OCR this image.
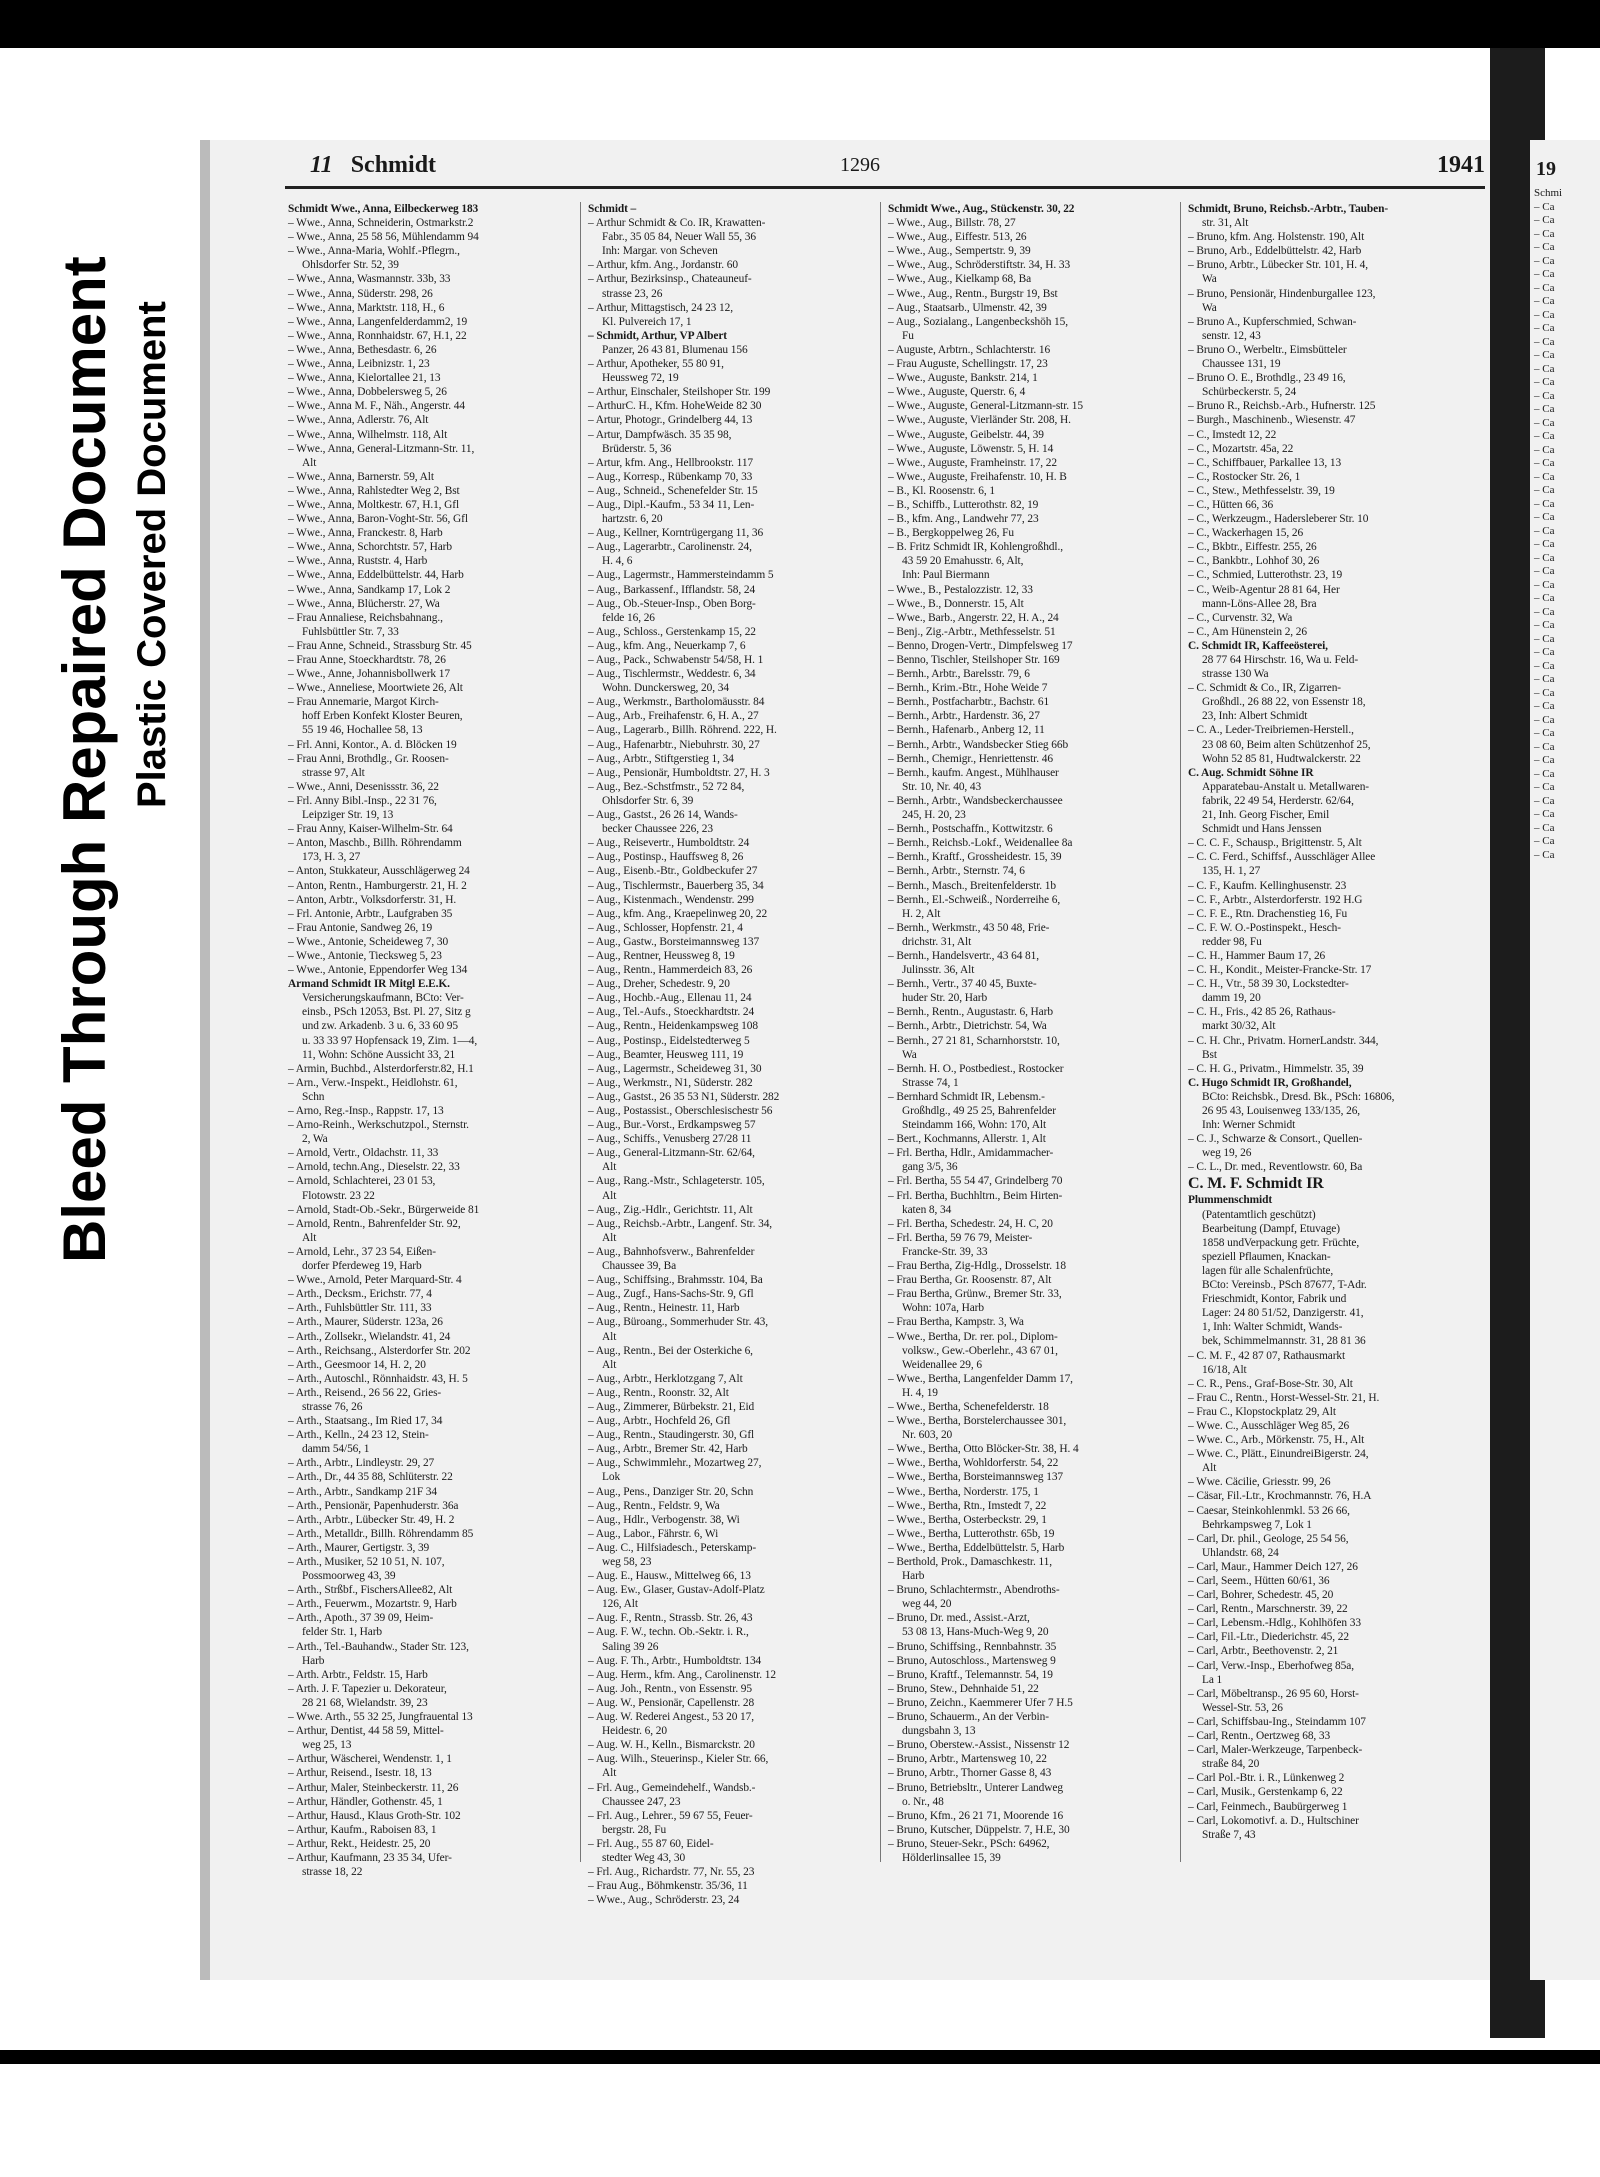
Bleed Through Repaired Document Plastic Covered Document
19
Schmi
– Ca
– Ca
– Ca
– Ca
– Ca
– Ca
– Ca
– Ca
– Ca
– Ca
– Ca
– Ca
– Ca
– Ca
– Ca
– Ca
– Ca
– Ca
– Ca
– Ca
– Ca
– Ca
– Ca
– Ca
– Ca
– Ca
– Ca
– Ca
– Ca
– Ca
– Ca
– Ca
– Ca
– Ca
– Ca
– Ca
– Ca
– Ca
– Ca
– Ca
– Ca
– Ca
– Ca
– Ca
– Ca
– Ca
– Ca
– Ca
– Ca
11 Schmidt	1296	1941
Schmidt Wwe., Anna, Eilbeckerweg 183
– Wwe., Anna, Schneiderin, Ostmarkstr.2
– Wwe., Anna, 25 58 56, Mühlendamm 94
– Wwe., Anna-Maria, Wohlf.-Pflegrn.,
Ohlsdorfer Str. 52, 39
– Wwe., Anna, Wasmannstr. 33b, 33
– Wwe., Anna, Süderstr. 298, 26
– Wwe., Anna, Marktstr. 118, H., 6
– Wwe., Anna, Langenfelderdamm2, 19
– Wwe., Anna, Ronnhaidstr. 67, H.1, 22
– Wwe., Anna, Bethesdastr. 6, 26
– Wwe., Anna, Leibnizstr. 1, 23
– Wwe., Anna, Kielortallee 21, 13
– Wwe., Anna, Dobbelersweg 5, 26
– Wwe., Anna M. F., Näh., Angerstr. 44
– Wwe., Anna, Adlerstr. 76, Alt
– Wwe., Anna, Wilhelmstr. 118, Alt
– Wwe., Anna, General-Litzmann-Str. 11,
Alt
– Wwe., Anna, Barnerstr. 59, Alt
– Wwe., Anna, Rahlstedter Weg 2, Bst
– Wwe., Anna, Moltkestr. 67, H.1, Gfl
– Wwe., Anna, Baron-Voght-Str. 56, Gfl
– Wwe., Anna, Franckestr. 8, Harb
– Wwe., Anna, Schorchtstr. 57, Harb
– Wwe., Anna, Ruststr. 4, Harb
– Wwe., Anna, Eddelbüttelstr. 44, Harb
– Wwe., Anna, Sandkamp 17, Lok 2
– Wwe., Anna, Blücherstr. 27, Wa
– Frau Annaliese, Reichsbahnang.,
Fuhlsbüttler Str. 7, 33
– Frau Anne, Schneid., Strassburg Str. 45
– Frau Anne, Stoeckhardtstr. 78, 26
– Wwe., Anne, Johannisbollwerk 17
– Wwe., Anneliese, Moortwiete 26, Alt
– Frau Annemarie, Margot Kirch-
hoff Erben Konfekt Kloster Beuren,
55 19 46, Hochallee 58, 13
– Frl. Anni, Kontor., A. d. Blöcken 19
– Frau Anni, Brothdlg., Gr. Roosen-
strasse 97, Alt
– Wwe., Anni, Desenissstr. 36, 22
– Frl. Anny Bibl.-Insp., 22 31 76,
Leipziger Str. 19, 13
– Frau Anny, Kaiser-Wilhelm-Str. 64
– Anton, Maschb., Billh. Röhrendamm
173, H. 3, 27
– Anton, Stukkateur, Ausschlägerweg 24
– Anton, Rentn., Hamburgerstr. 21, H. 2
– Anton, Arbtr., Volksdorferstr. 31, H.
– Frl. Antonie, Arbtr., Laufgraben 35
– Frau Antonie, Sandweg 26, 19
– Wwe., Antonie, Scheideweg 7, 30
– Wwe., Antonie, Tiecksweg 5, 23
– Wwe., Antonie, Eppendorfer Weg 134
Armand Schmidt IR Mitgl E.E.K.
Versicherungskaufmann, BCto: Ver-
einsb., PSch 12053, Bst. Pl. 27, Sitz g
und zw. Arkadenb. 3 u. 6, 33 60 95
u. 33 33 97 Hopfensack 19, Zim. 1—4,
11, Wohn: Schöne Aussicht 33, 21
– Armin, Buchbd., Alsterdorferstr.82, H.1
– Arn., Verw.-Inspekt., Heidlohstr. 61,
Schn
– Arno, Reg.-Insp., Rappstr. 17, 13
– Arno-Reinh., Werkschutzpol., Sternstr.
2, Wa
– Arnold, Vertr., Oldachstr. 11, 33
– Arnold, techn.Ang., Dieselstr. 22, 33
– Arnold, Schlachterei, 23 01 53,
Flotowstr. 23 22
– Arnold, Stadt-Ob.-Sekr., Bürgerweide 81
– Arnold, Rentn., Bahrenfelder Str. 92,
Alt
– Arnold, Lehr., 37 23 54, Eißen-
dorfer Pferdeweg 19, Harb
– Wwe., Arnold, Peter Marquard-Str. 4
– Arth., Decksm., Erichstr. 77, 4
– Arth., Fuhlsbüttler Str. 111, 33
– Arth., Maurer, Süderstr. 123a, 26
– Arth., Zollsekr., Wielandstr. 41, 24
– Arth., Reichsang., Alsterdorfer Str. 202
– Arth., Geesmoor 14, H. 2, 20
– Arth., Autoschl., Rönnhaidstr. 43, H. 5
– Arth., Reisend., 26 56 22, Gries-
strasse 76, 26
– Arth., Staatsang., Im Ried 17, 34
– Arth., Kelln., 24 23 12, Stein-
damm 54/56, 1
– Arth., Arbtr., Lindleystr. 29, 27
– Arth., Dr., 44 35 88, Schlüterstr. 22
– Arth., Arbtr., Sandkamp 21F 34
– Arth., Pensionär, Papenhuderstr. 36a
– Arth., Arbtr., Lübecker Str. 49, H. 2
– Arth., Metalldr., Billh. Röhrendamm 85
– Arth., Maurer, Gertigstr. 3, 39
– Arth., Musiker, 52 10 51, N. 107,
Possmoorweg 43, 39
– Arth., Strßbf., FischersAllee82, Alt
– Arth., Feuerwm., Mozartstr. 9, Harb
– Arth., Apoth., 37 39 09, Heim-
felder Str. 1, Harb
– Arth., Tel.-Bauhandw., Stader Str. 123,
Harb
– Arth. Arbtr., Feldstr. 15, Harb
– Arth. J. F. Tapezier u. Dekorateur,
28 21 68, Wielandstr. 39, 23
– Wwe. Arth., 55 32 25, Jungfrauental 13
– Arthur, Dentist, 44 58 59, Mittel-
weg 25, 13
– Arthur, Wäscherei, Wendenstr. 1, 1
– Arthur, Reisend., Isestr. 18, 13
– Arthur, Maler, Steinbeckerstr. 11, 26
– Arthur, Händler, Gothenstr. 45, 1
– Arthur, Hausd., Klaus Groth-Str. 102
– Arthur, Kaufm., Raboisen 83, 1
– Arthur, Rekt., Heidestr. 25, 20
– Arthur, Kaufmann, 23 35 34, Ufer-
strasse 18, 22
Schmidt –
– Arthur Schmidt & Co. IR, Krawatten-
Fabr., 35 05 84, Neuer Wall 55, 36
Inh: Margar. von Scheven
– Arthur, kfm. Ang., Jordanstr. 60
– Arthur, Bezirksinsp., Chateauneuf-
strasse 23, 26
– Arthur, Mittagstisch, 24 23 12,
Kl. Pulvereich 17, 1
– Schmidt, Arthur, VP Albert
Panzer, 26 43 81, Blumenau 156
– Arthur, Apotheker, 55 80 91,
Heussweg 72, 19
– Arthur, Einschaler, Steilshoper Str. 199
– ArthurC. H., Kfm. HoheWeide 82 30
– Artur, Photogr., Grindelberg 44, 13
– Artur, Dampfwäsch. 35 35 98,
Brüderstr. 5, 36
– Artur, kfm. Ang., Hellbrookstr. 117
– Aug., Korresp., Rübenkamp 70, 33
– Aug., Schneid., Schenefelder Str. 15
– Aug., Dipl.-Kaufm., 53 34 11, Len-
hartzstr. 6, 20
– Aug., Kellner, Korntrügergang 11, 36
– Aug., Lagerarbtr., Carolinenstr. 24,
H. 4, 6
– Aug., Lagermstr., Hammersteindamm 5
– Aug., Barkassenf., Ifflandstr. 58, 24
– Aug., Ob.-Steuer-Insp., Oben Borg-
felde 16, 26
– Aug., Schloss., Gerstenkamp 15, 22
– Aug., kfm. Ang., Neuerkamp 7, 6
– Aug., Pack., Schwabenstr 54/58, H. 1
– Aug., Tischlermstr., Weddestr. 6, 34
Wohn. Dunckersweg, 20, 34
– Aug., Werkmstr., Bartholomäusstr. 84
– Aug., Arb., Freihafenstr. 6, H. A., 27
– Aug., Lagerarb., Billh. Röhrend. 222, H.
– Aug., Hafenarbtr., Niebuhrstr. 30, 27
– Aug., Arbtr., Stiftgerstieg 1, 34
– Aug., Pensionär, Humboldtstr. 27, H. 3
– Aug., Bez.-Schstfmstr., 52 72 84,
Ohlsdorfer Str. 6, 39
– Aug., Gastst., 26 26 14, Wands-
becker Chaussee 226, 23
– Aug., Reisevertr., Humboldtstr. 24
– Aug., Postinsp., Hauffsweg 8, 26
– Aug., Eisenb.-Btr., Goldbeckufer 27
– Aug., Tischlermstr., Bauerberg 35, 34
– Aug., Kistenmach., Wendenstr. 299
– Aug., kfm. Ang., Kraepelinweg 20, 22
– Aug., Schlosser, Hopfenstr. 21, 4
– Aug., Gastw., Borsteimannsweg 137
– Aug., Rentner, Heussweg 8, 19
– Aug., Rentn., Hammerdeich 83, 26
– Aug., Dreher, Schedestr. 9, 20
– Aug., Hochb.-Aug., Ellenau 11, 24
– Aug., Tel.-Aufs., Stoeckhardtstr. 24
– Aug., Rentn., Heidenkampsweg 108
– Aug., Postinsp., Eidelstedterweg 5
– Aug., Beamter, Heusweg 111, 19
– Aug., Lagermstr., Scheideweg 31, 30
– Aug., Werkmstr., N1, Süderstr. 282
– Aug., Gastst., 26 35 53 N1, Süderstr. 282
– Aug., Postassist., Oberschlesischestr 56
– Aug., Bur.-Vorst., Erdkampsweg 57
– Aug., Schiffs., Venusberg 27/28 11
– Aug., General-Litzmann-Str. 62/64,
Alt
– Aug., Rang.-Mstr., Schlageterstr. 105,
Alt
– Aug., Zig.-Hdlr., Gerichtstr. 11, Alt
– Aug., Reichsb.-Arbtr., Langenf. Str. 34,
Alt
– Aug., Bahnhofsverw., Bahrenfelder
Chaussee 39, Ba
– Aug., Schiffsing., Brahmsstr. 104, Ba
– Aug., Zugf., Hans-Sachs-Str. 9, Gfl
– Aug., Rentn., Heinestr. 11, Harb
– Aug., Büroang., Sommerhuder Str. 43,
Alt
– Aug., Rentn., Bei der Osterkiche 6,
Alt
– Aug., Arbtr., Herklotzgang 7, Alt
– Aug., Rentn., Roonstr. 32, Alt
– Aug., Zimmerer, Bürbekstr. 21, Eid
– Aug., Arbtr., Hochfeld 26, Gfl
– Aug., Rentn., Staudingerstr. 30, Gfl
– Aug., Arbtr., Bremer Str. 42, Harb
– Aug., Schwimmlehr., Mozartweg 27,
Lok
– Aug., Pens., Danziger Str. 20, Schn
– Aug., Rentn., Feldstr. 9, Wa
– Aug., Hdlr., Verbogenstr. 38, Wi
– Aug., Labor., Fährstr. 6, Wi
– Aug. C., Hilfsiadesch., Peterskamp-
weg 58, 23
– Aug. E., Hausw., Mittelweg 66, 13
– Aug. Ew., Glaser, Gustav-Adolf-Platz
126, Alt
– Aug. F., Rentn., Strassb. Str. 26, 43
– Aug. F. W., techn. Ob.-Sektr. i. R.,
Saling 39 26
– Aug. F. Th., Arbtr., Humboldtstr. 134
– Aug. Herm., kfm. Ang., Carolinenstr. 12
– Aug. Joh., Rentn., von Essenstr. 95
– Aug. W., Pensionär, Capellenstr. 28
– Aug. W. Rederei Angest., 53 20 17,
Heidestr. 6, 20
– Aug. W. H., Kelln., Bismarckstr. 20
– Aug. Wilh., Steuerinsp., Kieler Str. 66,
Alt
– Frl. Aug., Gemeindehelf., Wandsb.-
Chaussee 247, 23
– Frl. Aug., Lehrer., 59 67 55, Feuer-
bergstr. 28, Fu
– Frl. Aug., 55 87 60, Eidel-
stedter Weg 43, 30
– Frl. Aug., Richardstr. 77, Nr. 55, 23
– Frau Aug., Böhmkenstr. 35/36, 11
– Wwe., Aug., Schröderstr. 23, 24
Schmidt Wwe., Aug., Stückenstr. 30, 22
– Wwe., Aug., Billstr. 78, 27
– Wwe., Aug., Eiffestr. 513, 26
– Wwe., Aug., Sempertstr. 9, 39
– Wwe., Aug., Schröderstiftstr. 34, H. 33
– Wwe., Aug., Kielkamp 68, Ba
– Wwe., Aug., Rentn., Burgstr 19, Bst
– Aug., Staatsarb., Ulmenstr. 42, 39
– Aug., Sozialang., Langenbeckshöh 15,
Fu
– Auguste, Arbtrn., Schlachterstr. 16
– Frau Auguste, Schellingstr. 17, 23
– Wwe., Auguste, Bankstr. 214, 1
– Wwe., Auguste, Querstr. 6, 4
– Wwe., Auguste, General-Litzmann-str. 15
– Wwe., Auguste, Vierländer Str. 208, H.
– Wwe., Auguste, Geibelstr. 44, 39
– Wwe., Auguste, Löwenstr. 5, H. 14
– Wwe., Auguste, Framheinstr. 17, 22
– Wwe., Auguste, Freihafenstr. 10, H. B
– B., Kl. Roosenstr. 6, 1
– B., Schiffb., Lutterothstr. 82, 19
– B., kfm. Ang., Landwehr 77, 23
– B., Bergkoppelweg 26, Fu
– B. Fritz Schmidt IR, Kohlengroßhdl.,
43 59 20 Emahusstr. 6, Alt,
Inh: Paul Biermann
– Wwe., B., Pestalozzistr. 12, 33
– Wwe., B., Donnerstr. 15, Alt
– Wwe., Barb., Angerstr. 22, H. A., 24
– Benj., Zig.-Arbtr., Methfesselstr. 51
– Benno, Drogen-Vertr., Dimpfelsweg 17
– Benno, Tischler, Steilshoper Str. 169
– Bernh., Arbtr., Barelsstr. 79, 6
– Bernh., Krim.-Btr., Hohe Weide 7
– Bernh., Postfacharbtr., Bachstr. 61
– Bernh., Arbtr., Hardenstr. 36, 27
– Bernh., Hafenarb., Anberg 12, 11
– Bernh., Arbtr., Wandsbecker Stieg 66b
– Bernh., Chemigr., Henriettenstr. 46
– Bernh., kaufm. Angest., Mühlhauser
Str. 10, Nr. 40, 43
– Bernh., Arbtr., Wandsbeckerchaussee
245, H. 20, 23
– Bernh., Postschaffn., Kottwitzstr. 6
– Bernh., Reichsb.-Lokf., Weidenallee 8a
– Bernh., Kraftf., Grossheidestr. 15, 39
– Bernh., Arbtr., Sternstr. 74, 6
– Bernh., Masch., Breitenfelderstr. 1b
– Bernh., El.-Schweiß., Norderreihe 6,
H. 2, Alt
– Bernh., Werkmstr., 43 50 48, Frie-
drichstr. 31, Alt
– Bernh., Handelsvertr., 43 64 81,
Julinsstr. 36, Alt
– Bernh., Vertr., 37 40 45, Buxte-
huder Str. 20, Harb
– Bernh., Rentn., Augustastr. 6, Harb
– Bernh., Arbtr., Dietrichstr. 54, Wa
– Bernh., 27 21 81, Scharnhorststr. 10,
Wa
– Bernh. H. O., Postbediest., Rostocker
Strasse 74, 1
– Bernhard Schmidt IR, Lebensm.-
Großhdlg., 49 25 25, Bahrenfelder
Steindamm 166, Wohn: 170, Alt
– Bert., Kochmanns, Allerstr. 1, Alt
– Frl. Bertha, Hdlr., Amidammacher-
gang 3/5, 36
– Frl. Bertha, 55 54 47, Grindelberg 70
– Frl. Bertha, Buchhltrn., Beim Hirten-
katen 8, 34
– Frl. Bertha, Schedestr. 24, H. C, 20
– Frl. Bertha, 59 76 79, Meister-
Francke-Str. 39, 33
– Frau Bertha, Zig-Hdlg., Drosselstr. 18
– Frau Bertha, Gr. Roosenstr. 87, Alt
– Frau Bertha, Grünw., Bremer Str. 33,
Wohn: 107a, Harb
– Frau Bertha, Kampstr. 3, Wa
– Wwe., Bertha, Dr. rer. pol., Diplom-
volksw., Gew.-Oberlehr., 43 67 01,
Weidenallee 29, 6
– Wwe., Bertha, Langenfelder Damm 17,
H. 4, 19
– Wwe., Bertha, Schenefelderstr. 18
– Wwe., Bertha, Borstelerchaussee 301,
Nr. 603, 20
– Wwe., Bertha, Otto Blöcker-Str. 38, H. 4
– Wwe., Bertha, Wohldorferstr. 54, 22
– Wwe., Bertha, Borsteimannsweg 137
– Wwe., Bertha, Norderstr. 175, 1
– Wwe., Bertha, Rtn., Imstedt 7, 22
– Wwe., Bertha, Osterbeckstr. 29, 1
– Wwe., Bertha, Lutterothstr. 65b, 19
– Wwe., Bertha, Eddelbüttelstr. 5, Harb
– Berthold, Prok., Damaschkestr. 11,
Harb
– Bruno, Schlachtermstr., Abendroths-
weg 44, 20
– Bruno, Dr. med., Assist.-Arzt,
53 08 13, Hans-Much-Weg 9, 20
– Bruno, Schiffsing., Rennbahnstr. 35
– Bruno, Autoschloss., Martensweg 9
– Bruno, Kraftf., Telemannstr. 54, 19
– Bruno, Stew., Dehnhaide 51, 22
– Bruno, Zeichn., Kaemmerer Ufer 7 H.5
– Bruno, Schauerm., An der Verbin-
dungsbahn 3, 13
– Bruno, Oberstew.-Assist., Nissenstr 12
– Bruno, Arbtr., Martensweg 10, 22
– Bruno, Arbtr., Thorner Gasse 8, 43
– Bruno, Betriebsltr., Unterer Landweg
o. Nr., 48
– Bruno, Kfm., 26 21 71, Moorende 16
– Bruno, Kutscher, Düppelstr. 7, H.E, 30
– Bruno, Steuer-Sekr., PSch: 64962,
Hölderlinsallee 15, 39
Schmidt, Bruno, Reichsb.-Arbtr., Tauben-
str. 31, Alt
– Bruno, kfm. Ang. Holstenstr. 190, Alt
– Bruno, Arb., Eddelbüttelstr. 42, Harb
– Bruno, Arbtr., Lübecker Str. 101, H. 4,
Wa
– Bruno, Pensionär, Hindenburgallee 123,
Wa
– Bruno A., Kupferschmied, Schwan-
senstr. 12, 43
– Bruno O., Werbeltr., Eimsbütteler
Chaussee 131, 19
– Bruno O. E., Brothdlg., 23 49 16,
Schürbeckerstr. 5, 24
– Bruno R., Reichsb.-Arb., Hufnerstr. 125
– Burgh., Maschinenb., Wiesenstr. 47
– C., Imstedt 12, 22
– C., Mozartstr. 45a, 22
– C., Schiffbauer, Parkallee 13, 13
– C., Rostocker Str. 26, 1
– C., Stew., Methfesselstr. 39, 19
– C., Hütten 66, 36
– C., Werkzeugm., Hadersleberer Str. 10
– C., Wackerhagen 15, 26
– C., Bkbtr., Eiffestr. 255, 26
– C., Bankbtr., Lohhof 30, 26
– C., Schmied, Lutterothstr. 23, 19
– C., Weib-Agentur 28 81 64, Her
mann-Löns-Allee 28, Bra
– C., Curvenstr. 32, Wa
– C., Am Hünenstein 2, 26
C. Schmidt IR, Kaffeeösterei,
28 77 64 Hirschstr. 16, Wa u. Feld-
strasse 130 Wa
– C. Schmidt & Co., IR, Zigarren-
Großhdl., 26 88 22, von Essenstr 18,
23, Inh: Albert Schmidt
– C. A., Leder-Treibriemen-Herstell.,
23 08 60, Beim alten Schützenhof 25,
Wohn 52 85 81, Hudtwalckerstr. 22
C. Aug. Schmidt Söhne IR
Apparatebau-Anstalt u. Metallwaren-
fabrik, 22 49 54, Herderstr. 62/64,
21, Inh. Georg Fischer, Emil
Schmidt und Hans Jenssen
– C. C. F., Schausp., Brigittenstr. 5, Alt
– C. C. Ferd., Schiffsf., Ausschläger Allee
135, H. 1, 27
– C. F., Kaufm. Kellinghusenstr. 23
– C. F., Arbtr., Alsterdorferstr. 192 H.G
– C. F. E., Rtn. Drachenstieg 16, Fu
– C. F. W. O.-Postinspekt., Hesch-
redder 98, Fu
– C. H., Hammer Baum 17, 26
– C. H., Kondit., Meister-Francke-Str. 17
– C. H., Vtr., 58 39 30, Lockstedter-
damm 19, 20
– C. H., Fris., 42 85 26, Rathaus-
markt 30/32, Alt
– C. H. Chr., Privatm. HornerLandstr. 344,
Bst
– C. H. G., Privatm., Himmelstr. 35, 39
C. Hugo Schmidt IR, Großhandel,
BCto: Reichsbk., Dresd. Bk., PSch: 16806,
26 95 43, Louisenweg 133/135, 26,
Inh: Werner Schmidt
– C. J., Schwarze & Consort., Quellen-
weg 19, 26
– C. L., Dr. med., Reventlowstr. 60, Ba
C. M. F. Schmidt IR
Plummenschmidt
(Patentamtlich geschützt)
Bearbeitung (Dampf, Etuvage)
1858 undVerpackung getr. Früchte,
speziell Pflaumen, Knackan-
lagen für alle Schalenfrüchte,
BCto: Vereinsb., PSch 87677, T-Adr.
Frieschmidt, Kontor, Fabrik und
Lager: 24 80 51/52, Danzigerstr. 41,
1, Inh: Walter Schmidt, Wands-
bek, Schimmelmannstr. 31, 28 81 36
– C. M. F., 42 87 07, Rathausmarkt
16/18, Alt
– C. R., Pens., Graf-Bose-Str. 30, Alt
– Frau C., Rentn., Horst-Wessel-Str. 21, H.
– Frau C., Klopstockplatz 29, Alt
– Wwe. C., Ausschläger Weg 85, 26
– Wwe. C., Arb., Mörkenstr. 75, H., Alt
– Wwe. C., Plätt., EinundreiBigerstr. 24,
Alt
– Wwe. Cäcilie, Griesstr. 99, 26
– Cäsar, Fil.-Ltr., Krochmannstr. 76, H.A
– Caesar, Steinkohlenmkl. 53 26 66,
Behrkampsweg 7, Lok 1
– Carl, Dr. phil., Geologe, 25 54 56,
Uhlandstr. 68, 24
– Carl, Maur., Hammer Deich 127, 26
– Carl, Seem., Hütten 60/61, 36
– Carl, Bohrer, Schedestr. 45, 20
– Carl, Rentn., Marschnerstr. 39, 22
– Carl, Lebensm.-Hdlg., Kohlhöfen 33
– Carl, Fil.-Ltr., Diederichstr. 45, 22
– Carl, Arbtr., Beethovenstr. 2, 21
– Carl, Verw.-Insp., Eberhofweg 85a,
La 1
– Carl, Möbeltransp., 26 95 60, Horst-
Wessel-Str. 53, 26
– Carl, Schiffsbau-Ing., Steindamm 107
– Carl, Rentn., Oertzweg 68, 33
– Carl, Maler-Werkzeuge, Tarpenbeck-
straße 84, 20
– Carl Pol.-Btr. i. R., Lünkenweg 2
– Carl, Musik., Gerstenkamp 6, 22
– Carl, Feinmech., Baubürgerweg 1
– Carl, Lokomotivf. a. D., Hultschiner
Straße 7, 43
